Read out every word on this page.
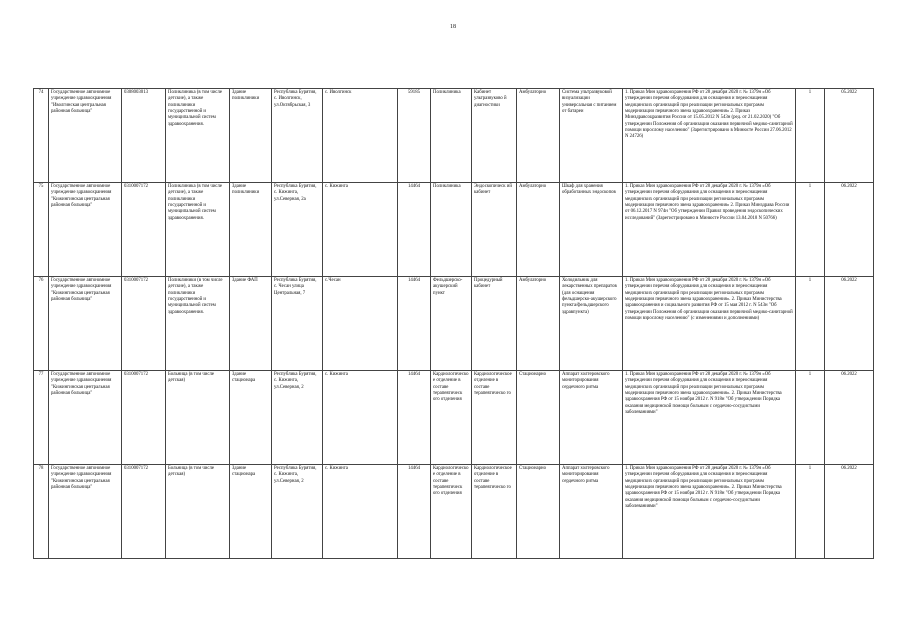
18
74	Государственное автономное учреждение здравоохранения "Иволгинская центральная районная больница"	0308003013	Поликлиника (в том числе детские), а также поликлиники государственной и муниципальной систем здравоохранения.	Здание поликлиники	Республика Бурятия, с. Иволгинск, ул.Октябрьская, 3	с. Иволгинск	59185	Поликлиника	Кабинет ультразвуково й диагностики	Амбулаторно	Система ультразвуковой визуализации универсальная с питанием от батареи	1. Приказ Мин здравоохранения РФ от 28 декабря 2020 г. № 1379н «Об утверждении перечня оборудования для оснащения и переоснащения медицинских организаций при реализации региональных программ модернизации первичного звена здравоохранения» 2. Приказ Минздравсоцразвития России от 15.05.2012 N 543н (ред. от 21.02.2020) "Об утверждении Положения об организации оказания первичной медико-санитарной помощи взрослому населению" (Зарегистрировано в Минюсте России 27.06.2012 N 24726)	1	05.2022
75	Государственное автономное учреждение здравоохранения "Кижингинская центральная районная больница"	0310007172	Поликлиника (в том числе детские), а также поликлиники государственной и муниципальной систем здравоохранения.	Здание поликлиники	Республика Бурятия, с. Кижинга, ул.Северная, 2а	с. Кижинга	14464	Поликлиника	Эндоскопическ ий кабинет	Амбулаторно	Шкаф для хранения обработанных эндоскопов	1. Приказ Мин здравоохранения РФ от 28 декабря 2020 г. № 1379н «Об утверждении перечня оборудования для оснащения и переоснащения медицинских организаций при реализации региональных программ модернизации первичного звена здравоохранения» 2. Приказ Минздрава России от 06.12.2017 N 974н "Об утверждении Правил проведения эндоскопических исследований" (Зарегистрировано в Минюсте России 13.04.2018 N 50766)	1	06.2022
76	Государственное автономное учреждение здравоохранения "Кижингинская центральная районная больница"	0310007172	Поликлиники (в том числе детские), а также поликлиники государственной и муниципальной систем здравоохранения.	Здание ФАП	Республика Бурятия, с. Чесан улица Центральная, 7	с.Чесан	14464	Фельдшерско-акушерский пункт	Процедурный кабинет	Амбулаторно	Холодильник для лекарственных препаратов (для оснащения фельдшерско-акушерского пункта/фельдшерского здравпункта)	1. Приказ Мин здравоохранения РФ от 28 декабря 2020 г. № 1379н «Об утверждении перечня оборудования для оснащения и переоснащения медицинских организаций при реализации региональных программ модернизации первичного звена здравоохранения». 2. Приказ Министерства здравоохранения и социального развития РФ от 15 мая 2012 г. N 543н "Об утверждении Положения об организации оказания первичной медико-санитарной помощи взрослому населению" (с изменениями и дополнениями)	1	06.2022
77	Государственное автономное учреждение здравоохранения "Кижингинская центральная районная больница"	0310007172	Больница (в том числе детская)	Здание стационара	Республика Бурятия, с. Кижинга, ул.Северная, 2	с. Кижинга	14464	Кардиологическое отделение в составе терапевтическ ого отделения	Кардиологическое отделение в составе терапевтическо го	Стационарно	Аппарат холтеровского мониторирования сердечного ритма	1. Приказ Мин здравоохранения РФ от 28 декабря 2020 г. № 1379н «Об утверждении перечня оборудования для оснащения и переоснащения медицинских организаций при реализации региональных программ модернизации первичного звена здравоохранения». 2. Приказ Министерства здравоохранения РФ от 15 ноября 2012 г. N 918н "Об утверждении Порядка оказания медицинской помощи больным с сердечно-сосудистыми заболеваниями"	1	06.2022
78	Государственное автономное учреждение здравоохранения "Кижингинская центральная районная больница"	0310007172	Больница (в том числе детская)	Здание стационара	Республика Бурятия, с. Кижинга, ул.Северная, 2	с. Кижинга	14464	Кардиологическое отделение в составе терапевтическ ого отделения	Кардиологическое отделение в составе терапевтическо го	Стационарно	Аппарат холтеровского мониторирования сердечного ритма	1. Приказ Мин здравоохранения РФ от 28 декабря 2020 г. № 1379н «Об утверждении перечня оборудования для оснащения и переоснащения медицинских организаций при реализации региональных программ модернизации первичного звена здравоохранения». 2. Приказ Министерства здравоохранения РФ от 15 ноября 2012 г. N 918н "Об утверждении Порядка оказания медицинской помощи больным с сердечно-сосудистыми заболеваниями"	1	06.2022
